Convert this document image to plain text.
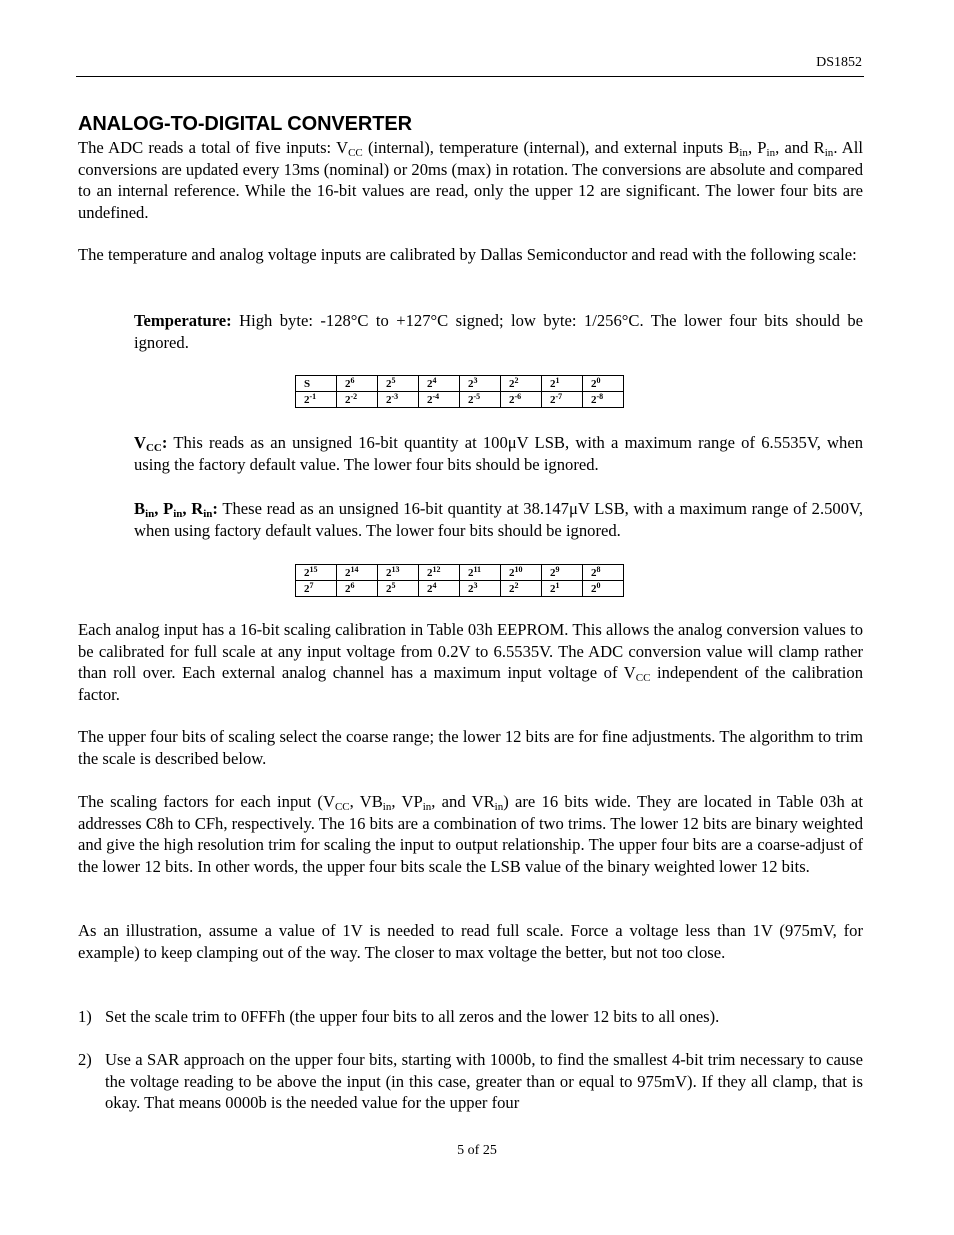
DS1852
ANALOG-TO-DIGITAL CONVERTER

The ADC reads a total of five inputs: $V_{CC}$ (internal), temperature (internal), and external inputs $B_{in}$, $P_{in}$, and $R_{in}$. All conversions are updated every 13ms (nominal) or 20ms (max) in rotation. The conversions are absolute and compared to an internal reference. While the 16-bit values are read, only the upper 12 are significant. The lower four bits are undefined.

The temperature and analog voltage inputs are calibrated by Dallas Semiconductor and read with the following scale:

Temperature: High byte: -128°C to +127°C signed; low byte: 1/256°C. The lower four bits should be ignored.

S	$2^6$	$2^5$	$2^4$	$2^3$	$2^2$	$2^1$	$2^0$
$2^{-1}$	$2^{-2}$	$2^{-3}$	$2^{-4}$	$2^{-5}$	$2^{-6}$	$2^{-7}$	$2^{-8}$

$V_{CC}$: This reads as an unsigned 16-bit quantity at 100μV LSB, with a maximum range of 6.5535V, when using the factory default value. The lower four bits should be ignored.

$B_{in}$, $P_{in}$, $R_{in}$: These read as an unsigned 16-bit quantity at 38.147μV LSB, with a maximum range of 2.500V, when using factory default values. The lower four bits should be ignored.

$2^{15}$	$2^{14}$	$2^{13}$	$2^{12}$	$2^{11}$	$2^{10}$	$2^9$	$2^8$
$2^7$	$2^6$	$2^5$	$2^4$	$2^3$	$2^2$	$2^1$	$2^0$

Each analog input has a 16-bit scaling calibration in Table 03h EEPROM. This allows the analog conversion values to be calibrated for full scale at any input voltage from 0.2V to 6.5535V. The ADC conversion value will clamp rather than roll over. Each external analog channel has a maximum input voltage of $V_{CC}$ independent of the calibration factor.

The upper four bits of scaling select the coarse range; the lower 12 bits are for fine adjustments. The algorithm to trim the scale is described below.

The scaling factors for each input ($V_{CC}$, $VB_{in}$, $VP_{in}$, and $VR_{in}$) are 16 bits wide. They are located in Table 03h at addresses C8h to CFh, respectively. The 16 bits are a combination of two trims. The lower 12 bits are binary weighted and give the high resolution trim for scaling the input to output relationship. The upper four bits are a coarse-adjust of the lower 12 bits. In other words, the upper four bits scale the LSB value of the binary weighted lower 12 bits.

As an illustration, assume a value of 1V is needed to read full scale. Force a voltage less than 1V (975mV, for example) to keep clamping out of the way. The closer to max voltage the better, but not too close.

1) Set the scale trim to 0FFFh (the upper four bits to all zeros and the lower 12 bits to all ones).

2) Use a SAR approach on the upper four bits, starting with 1000b, to find the smallest 4-bit trim necessary to cause the voltage reading to be above the input (in this case, greater than or equal to 975mV). If they all clamp, that is okay. That means 0000b is the needed value for the upper four

5 of 25
